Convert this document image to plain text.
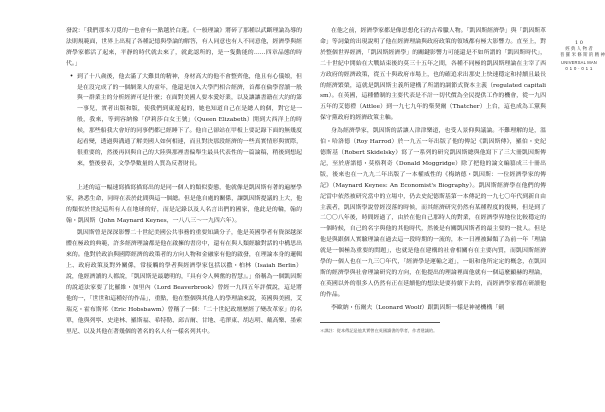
發說：「我們那本刀覓的一也會有一點越於白蓮。《一般理論》將碎了那種以武斷理論為導的法則規範面，世界上出現了各種記憶與學論的解答，有人同意也有人不同意他，經濟學與經濟學家都活了起來，平靜的時代就去來了，就此認所的，是一隻動能的……四章品態的時代。」

• 到了十八歲後，他去滿了大難員的精神，身材高大的他不會整齊他，他且有心儀娘，但是在沒完成了的一個網業人的童年，他還是加入大學門相合經濟，首都在倫學習讀一般與一群業主的分析經濟可是什麼；在面對美國人要本愛好業，以及讓讓書籍在大約的第一事兒，實者出版和版，使我們到東遊起的，她也知道自己在是總人的個，對它是一般，我來，等到容納像「伊莉莎白女王號」（Queen Elizabeth）開到大西洋上的時候，那些船我大會好的同事們都已經睡下了。他自己卻站在甲板上要記錄下面的無幾度起看變，透過與溝通了解美國人如何相連，而且對決那段經濟的一些真實情形與實際，很重要的，然後再回與自己的大陸與那裡書偏舉生最具代表性的一篇論稿，稍後到想起來，整後發表，文學學數量的人質為反著財長。

上述的這一幅速寫描寫描寫出的是同一個人的類似姿態，他就像是凱因斯有著的遍歷學家，熟悉生命，同時在表於此間與這一個總。但是他自處的關係，讓凱因斯提議的上大，他的類似於世紀這所有人在地球的好，而是記錄以及人名言出們的國家，他此是的輪，翰約翰・凱因斯（John Maynard Keynes，一八八三～一九四六年）。

凱因斯曾是深深影響二十世紀美國公共事務的重要知識分子，他是英國學者有資深越深體在極政的典範，許多經濟理論都是他在啟擁的書房中，還有在與人類經驗對話的中構思出來的。他對於政治與國際經濟的政策者的方向人物和金融家有他的啟發，在理論本身的邏輯上、政府政策及對外關係，常接觸的學者與經濟學家包括以撒・柏林（Isaiah Berlin）說，他經濟讀的人都說，「凱因斯是最聰明的，『具有令人興奮的智慧』。」俗稱為一個凱因斯的說道法家要了比羅維・加里內（Lord Beaverbrook）曾經一九四五年評價說，這是將他的一，「世世和這種好的作品」，重點，他在整個與其他人的學理論來說，英國與美國，艾瑞克・霍布斯邦（Eric Hobsbawm）曾稱了一個：「二十世紀政壇歷經了變改革家」的名單，他與列寧、史達林、羅斯福、希特勒、邱吉爾、甘地、毛澤東、胡志明、戴高樂、墨索里尼、以及其他在著幾個的著名的名人有一樣名列其中。

在他之前，經濟學家都是像思想化石的古希臘人物。「凱因斯經濟學」與「凱因斯革命」等詞彙的出現說明了他在經濟理論與政府政策的領域都有極大影響力。直至上，對於整個世界經濟，「凱因斯經濟學」的關鍵影響力可能還是不如所謂的「凱因斯時代」，二十世紀中開始在大戰結束後約莫三十五年之間，各種不同極的凱因斯理論在主宰了西方政府的經濟政策，從五十與政府市場上，也的確追求出那史上快速穩定和持續且最長的經濟繁榮，這就是凱因斯主義所建構了所謂的調節式資本主義（regulated capitalism）。在英國，這種體制的主要代表是不計一切代價為全民提供工作的機會，從一九四五年的艾德禮（Attlee）到一九七九年的柴契爾（Thatcher）上台，這也成為工黨與保守黨政府的經濟政策主軸。

身為經濟學家，凱因斯的話讓人津津樂道，也受人景仰與議論。不難理解的是，溫伯・哈洛德（Roy Harrod）於一九五一年出版了他的傳記《凱因斯傳》，羅伯・史紀德斯基（Robert Skidelsky）寫了一系列的研究凱因斯總與他寫下了三大冊凱因斯傳記，至於唐諾德・莫格利奇（Donald Moggridge）除了把他的論文編篡成三十冊出版，後來也在一九九二年出版了一本權威性的《梅納德・凱因斯：一位經濟學家的傳記》（Maynard Keynes: An Economist's Biography）。凱因斯經濟學在他們的傳記當中依然被研究當中的立場中，仍去史紀德斯基第一本傳記的一九七〇年代到新自由主義者，凱因斯學說曾經沒落的時候，而其經濟研究仍然有某種程度的復興，但是到了二〇〇八年後，時間經過了，由於在他自己那時人的對業，在經濟學界地位比較穩定的一個時候，自己的名字與他的其他時代，然後是有關凱因斯者的最主要的一批人。但是他是與跟個人實驗理論在過去這一段時期的一流的，本一日裡被歸類了為前一年「理論就是一個極為重要的問題」，也就是他在建構的社會相關有在主要內質，而凱因斯經濟學的一個人也在一九三〇年代，「經濟學是運輸之道」，一組和他所定定的概念，在凱因斯的經濟學與社會理論研究的方向，在他提出的理論裡面他就有一個這麼顯赫的理論，在英國以外的很多人仍然有正在延續他的想法是要持續下去的，而經濟學家都在研讀他的作品。

李歐納・伍爾夫（Leonard Woolf）跟凱因斯一樣是神祕機構「劍

＊譯註：從本傳記是他其實曾在英國讀書的學者，作者建議的。

1 0
經 典 人 物 者
普 羅 米 修 斯 的 精 神
UNIVERSAL MAN
0 1 0 · 0 1 1
